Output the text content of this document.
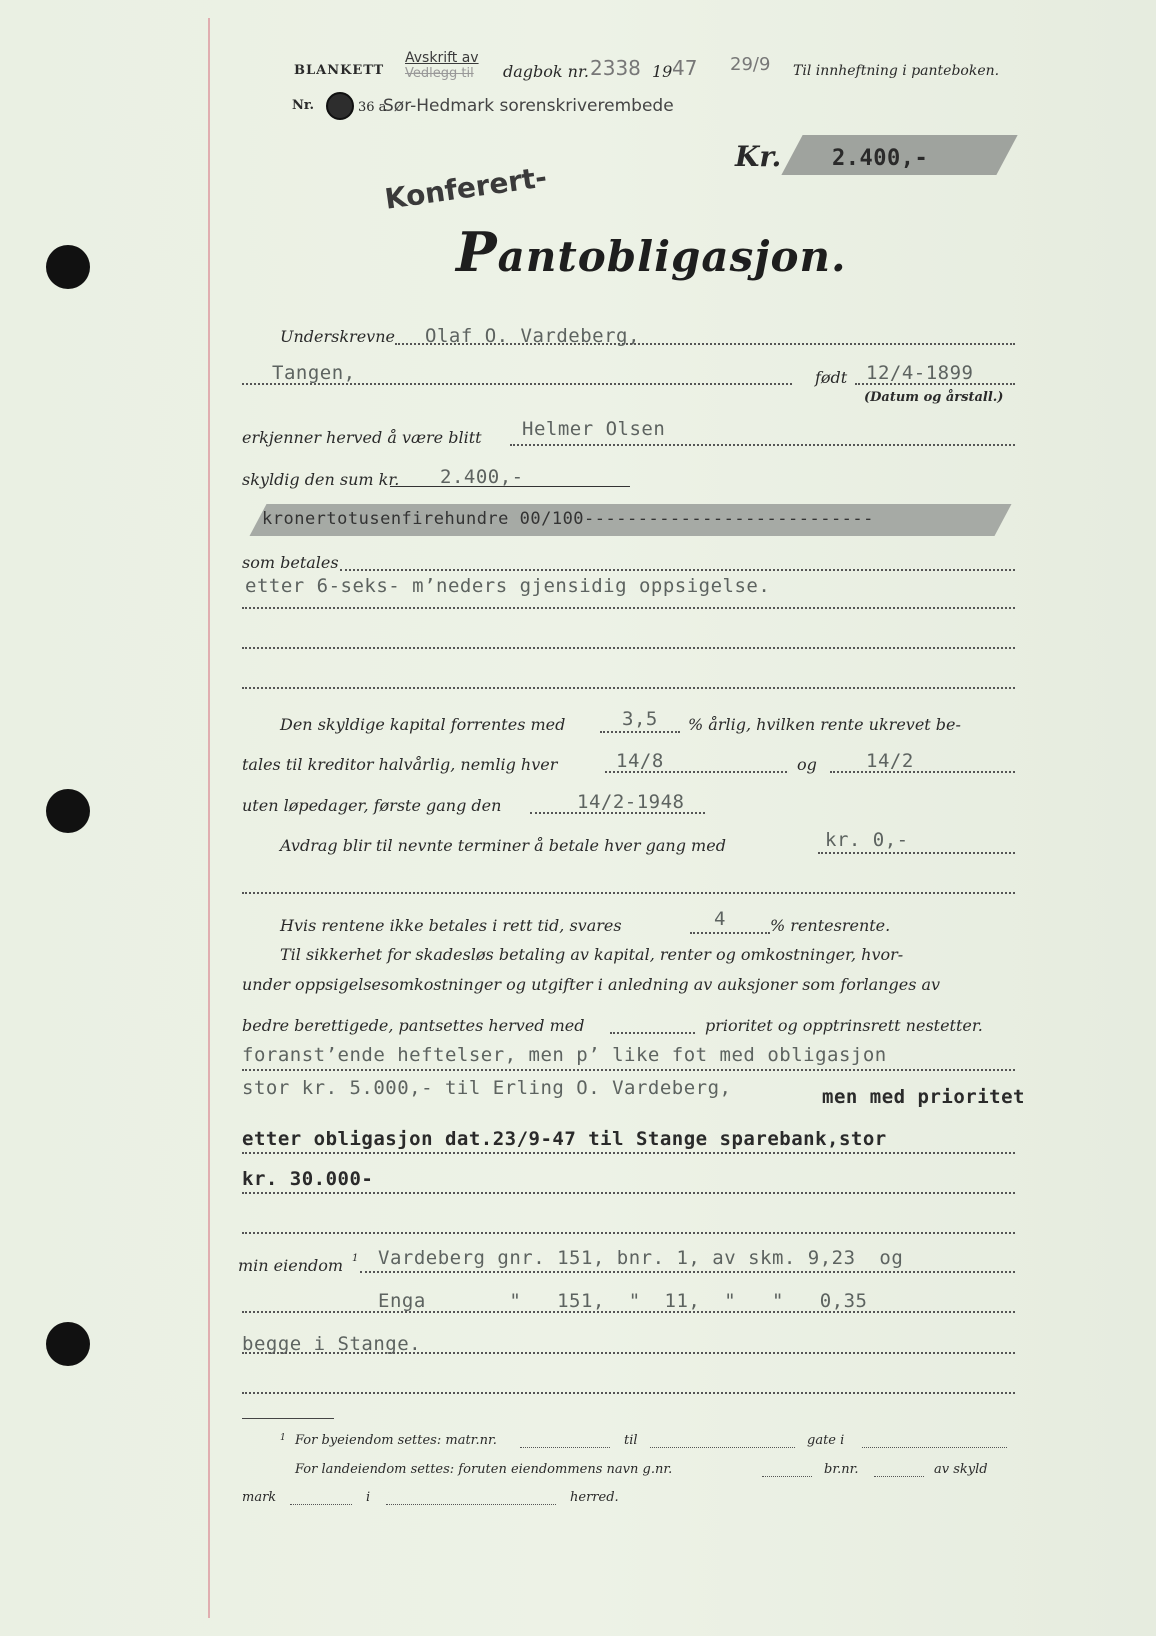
BLANKETT
Avskrift av
Vedlegg til dagbok nr. 2338 19 47 29/9 Til innheftning i panteboken.
Nr.	36 a
Sør-Hedmark sorenskriverembede
Kr. 2.400,-
Konferert-
Pantobligasjon.
Underskrevne Olaf O. Vardeberg,
Tangen,	født 12/4-1899
(Datum og årstall.)
erkjenner herved å være blitt Helmer Olsen
skyldig den sum kr. 2.400,-
kronertotusenfirehundre 00/100---------------------------
som betales
etter 6-seks- m’neders gjensidig oppsigelse.
Den skyldige kapital forrentes med	3,5 % årlig, hvilken rente ukrevet be-
tales til kreditor halvårlig, nemlig hver	14/8	og	14/2
uten løpedager, første gang den	14/2-1948
Avdrag blir til nevnte terminer å betale hver gang med	kr. 0,-
Hvis rentene ikke betales i rett tid, svares	4	% rentesrente.
Til sikkerhet for skadesløs betaling av kapital, renter og omkostninger, hvor-
under oppsigelsesomkostninger og utgifter i anledning av auksjoner som forlanges av
bedre berettigede, pantsettes herved med	prioritet og opptrinsrett nestetter.
foranst’ende heftelser, men p’ like fot med obligasjon
stor kr. 5.000,- til Erling O. Vardeberg,	men med prioritet
etter obligasjon dat.23/9-47 til Stange sparebank,stor
kr. 30.000-
min eiendom 1 Vardeberg gnr. 151, bnr. 1, av skm. 9,23  og
Enga       "   151,  "  11,  "   "   0,35
begge i Stange.
1 For byeiendom settes: matr.nr.	til	gate i
For landeiendom settes: foruten eiendommens navn g.nr.	br.nr.	av skyld
mark	i	herred.
